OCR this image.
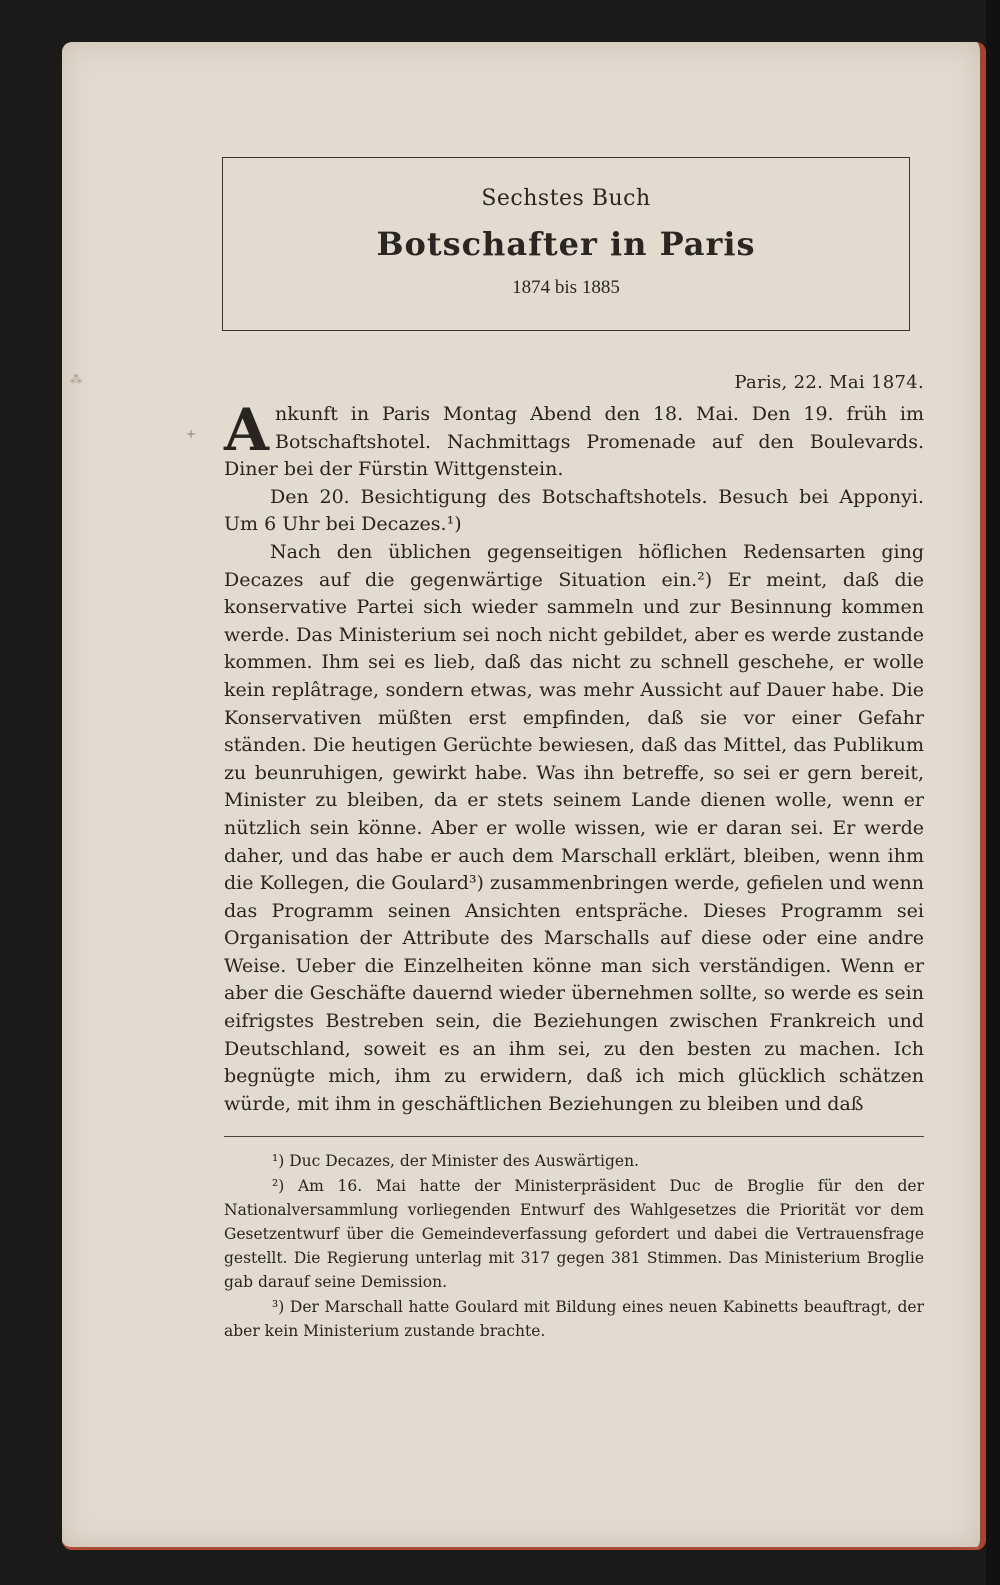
Sechstes Buch
Botschafter in Paris
1874 bis 1885
Paris, 22. Mai 1874.

Ankunft in Paris Montag Abend den 18. Mai. Den 19. früh im Botschaftshotel. Nachmittags Promenade auf den Boulevards. Diner bei der Fürstin Wittgenstein.

Den 20. Besichtigung des Botschaftshotels. Besuch bei Apponyi. Um 6 Uhr bei Decazes.¹)

Nach den üblichen gegenseitigen höflichen Redensarten ging Decazes auf die gegenwärtige Situation ein.²) Er meint, daß die konservative Partei sich wieder sammeln und zur Besinnung kommen werde. Das Ministerium sei noch nicht gebildet, aber es werde zustande kommen. Ihm sei es lieb, daß das nicht zu schnell geschehe, er wolle kein replâtrage, sondern etwas, was mehr Aussicht auf Dauer habe. Die Konservativen müßten erst empfinden, daß sie vor einer Gefahr ständen. Die heutigen Gerüchte bewiesen, daß das Mittel, das Publikum zu beunruhigen, gewirkt habe. Was ihn betreffe, so sei er gern bereit, Minister zu bleiben, da er stets seinem Lande dienen wolle, wenn er nützlich sein könne. Aber er wolle wissen, wie er daran sei. Er werde daher, und das habe er auch dem Marschall erklärt, bleiben, wenn ihm die Kollegen, die Goulard³) zusammenbringen werde, gefielen und wenn das Programm seinen Ansichten entspräche. Dieses Programm sei Organisation der Attribute des Marschalls auf diese oder eine andre Weise. Ueber die Einzelheiten könne man sich verständigen. Wenn er aber die Geschäfte dauernd wieder übernehmen sollte, so werde es sein eifrigstes Bestreben sein, die Beziehungen zwischen Frankreich und Deutschland, soweit es an ihm sei, zu den besten zu machen. Ich begnügte mich, ihm zu erwidern, daß ich mich glücklich schätzen würde, mit ihm in geschäftlichen Beziehungen zu bleiben und daß

¹) Duc Decazes, der Minister des Auswärtigen.

²) Am 16. Mai hatte der Ministerpräsident Duc de Broglie für den der Nationalversammlung vorliegenden Entwurf des Wahlgesetzes die Priorität vor dem Gesetzentwurf über die Gemeindeverfassung gefordert und dabei die Vertrauensfrage gestellt. Die Regierung unterlag mit 317 gegen 381 Stimmen. Das Ministerium Broglie gab darauf seine Demission.

³) Der Marschall hatte Goulard mit Bildung eines neuen Kabinetts beauftragt, der aber kein Ministerium zustande brachte.

+
⁂
